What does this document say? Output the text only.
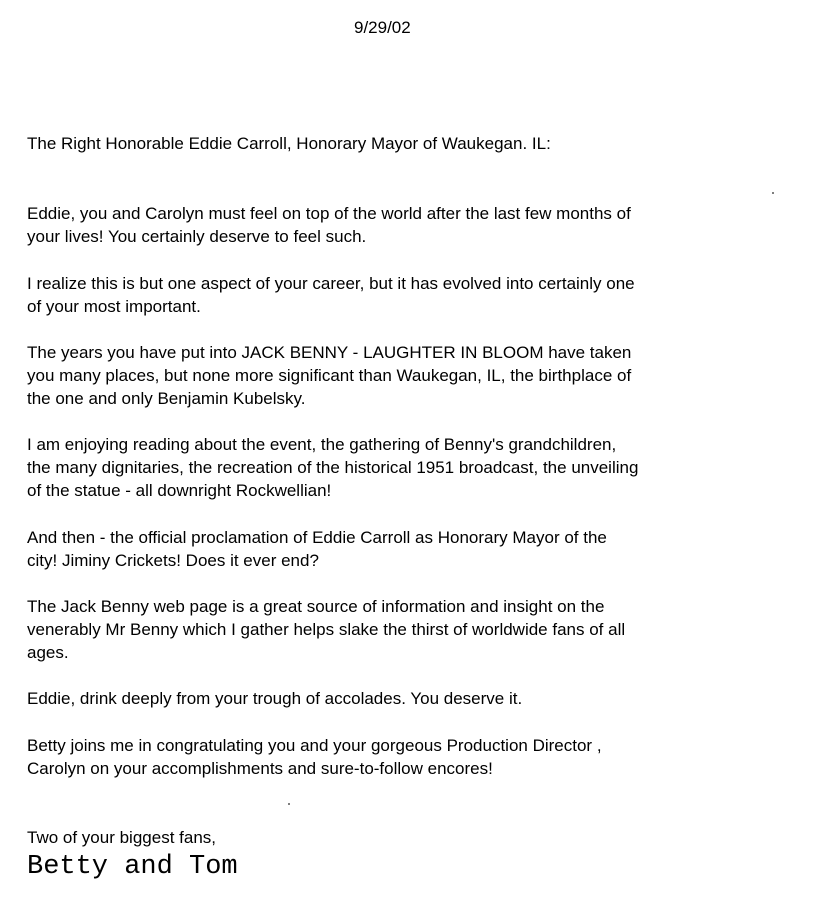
9/29/02
The Right Honorable Eddie Carroll, Honorary Mayor of Waukegan. IL:
Eddie, you and Carolyn must feel on top of the world after the last few months of
your lives! You certainly deserve to feel such.
I realize this is but one aspect of your career, but it has evolved into certainly one
of your most important.
The years you have put into JACK BENNY - LAUGHTER IN BLOOM have taken
you many places, but none more significant than Waukegan, IL, the birthplace of
the one and only Benjamin Kubelsky.
I am enjoying reading about the event, the gathering of Benny's grandchildren,
the many dignitaries, the recreation of the historical 1951 broadcast, the unveiling
of the statue - all downright Rockwellian!
And then - the official proclamation of Eddie Carroll as Honorary Mayor of the
city! Jiminy Crickets! Does it ever end?
The Jack Benny web page is a great source of information and insight on the
venerably Mr Benny which I gather helps slake the thirst of worldwide fans of all
ages.
Eddie, drink deeply from your trough of accolades. You deserve it.
Betty joins me in congratulating you and your gorgeous Production Director ,
Carolyn on your accomplishments and sure-to-follow encores!
Two of your biggest fans,
Betty and Tom
